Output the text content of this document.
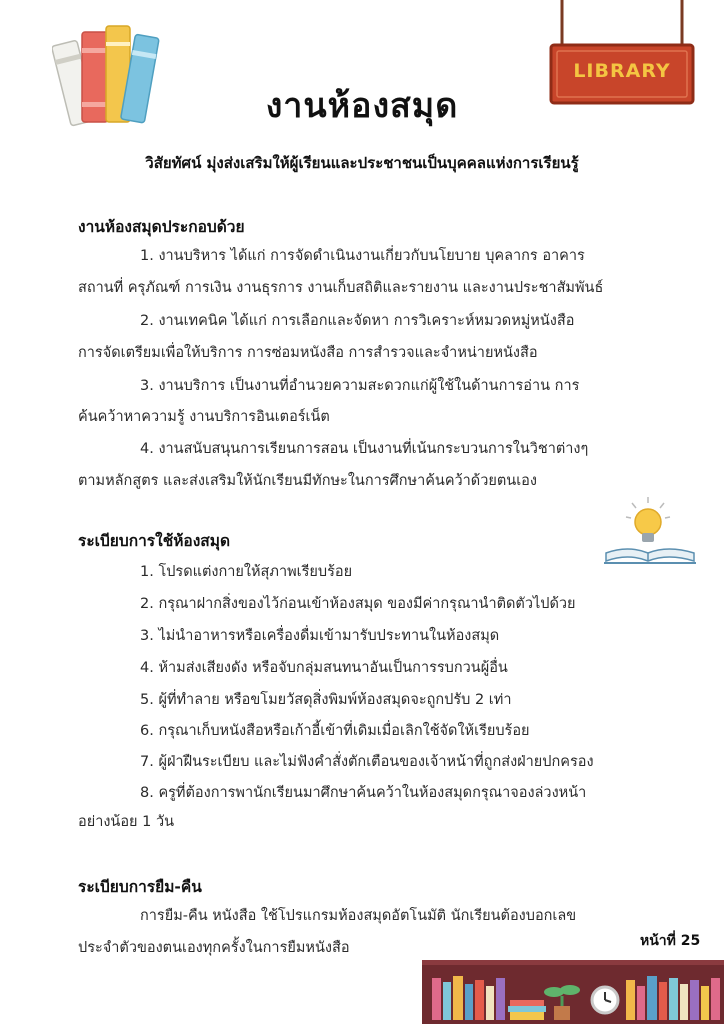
LIBRARY
งานห้องสมุด
วิสัยทัศน์ มุ่งส่งเสริมให้ผู้เรียนและประชาชนเป็นบุคคลแห่งการเรียนรู้
งานห้องสมุดประกอบด้วย
1. งานบริหาร ได้แก่ การจัดดำเนินงานเกี่ยวกับนโยบาย บุคลากร อาคาร
สถานที่ ครุภัณฑ์ การเงิน งานธุรการ งานเก็บสถิติและรายงาน และงานประชาสัมพันธ์
2. งานเทคนิค ได้แก่ การเลือกและจัดหา การวิเคราะห์หมวดหมู่หนังสือ
การจัดเตรียมเพื่อให้บริการ การซ่อมหนังสือ การสำรวจและจำหน่ายหนังสือ
3. งานบริการ เป็นงานที่อำนวยความสะดวกแก่ผู้ใช้ในด้านการอ่าน การ
ค้นคว้าหาความรู้ งานบริการอินเตอร์เน็ต
4. งานสนับสนุนการเรียนการสอน เป็นงานที่เน้นกระบวนการในวิชาต่างๆ
ตามหลักสูตร และส่งเสริมให้นักเรียนมีทักษะในการศึกษาค้นคว้าด้วยตนเอง
ระเบียบการใช้ห้องสมุด
1. โปรดแต่งกายให้สุภาพเรียบร้อย
2. กรุณาฝากสิ่งของไว้ก่อนเข้าห้องสมุด ของมีค่ากรุณานำติดตัวไปด้วย
3. ไม่นำอาหารหรือเครื่องดื่มเข้ามารับประทานในห้องสมุด
4. ห้ามส่งเสียงดัง หรือจับกลุ่มสนทนาอันเป็นการรบกวนผู้อื่น
5. ผู้ที่ทำลาย หรือขโมยวัสดุสิ่งพิมพ์ห้องสมุดจะถูกปรับ 2 เท่า
6. กรุณาเก็บหนังสือหรือเก้าอี้เข้าที่เดิมเมื่อเลิกใช้จัดให้เรียบร้อย
7. ผู้ฝ่าฝืนระเบียบ และไม่ฟังคำสั่งตักเตือนของเจ้าหน้าที่ถูกส่งฝ่ายปกครอง
8. ครูที่ต้องการพานักเรียนมาศึกษาค้นคว้าในห้องสมุดกรุณาจองล่วงหน้า
อย่างน้อย 1 วัน
ระเบียบการยืม-คืน
การยืม-คืน หนังสือ ใช้โปรแกรมห้องสมุดอัตโนมัติ นักเรียนต้องบอกเลข
ประจำตัวของตนเองทุกครั้งในการยืมหนังสือ	หน้าที่ 25
